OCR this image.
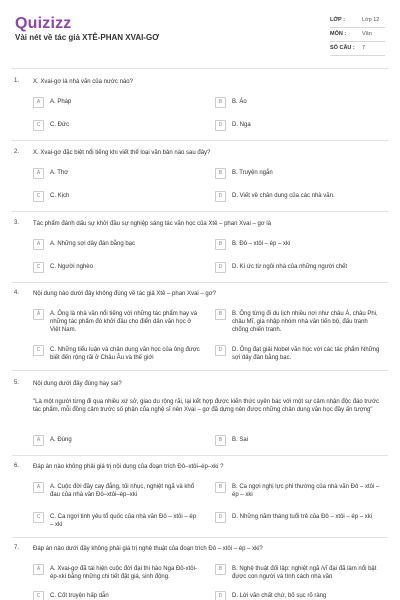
Quizizz
Vài nét về tác giả XTÊ-PHAN XVAI-GƠ
LỚP :	Lớp 12
MÔN :	Văn
SỐ CÂU : 7
1. X. Xvai-gơ là nhà văn của nước nào?
A	A. Pháp	B	B. Áo
C	C. Đức	D	D. Nga
2. X. Xvai-gơ đặc biệt nổi tiếng khi viết thể loại văn bản nào sau đây?
A	A. Thơ	B	B. Truyện ngắn
C	C. Kịch	D	D. Viết về chân dung của các nhà văn.
3. Tác phẩm đánh dấu sự khởi đầu sự nghiệp sáng tác văn học của Xtê – phan Xvai – gơ là
A	A. Những sợi dây đàn bằng bạc	B	B. Đô – xtôi – ép – xki
C	C. Người nghèo	D	D. Kí ức từ ngôi nhà của những người chết
4. Nội dung nào dưới đây không đúng về tác giả Xtê – phan Xvai – gơ?
A	A. Ông là nhà văn nổi tiếng với những tác phẩm hay và những tác phẩm đó khởi đầu cho điển dân văn học ở Việt Nam.
B	B. Ông từng đi du lịch nhiều nơi như châu Á, châu Phi, châu Mĩ, gia nhập nhóm nhà văn tiến bộ, đấu tranh chống chiến tranh.
C	C. Những tiểu luận và chân dung văn học của ông được biết đến rộng rãi ở Châu Âu và thế giới
D	D. Ông đạt giải Nobel văn học với các tác phẩm Những sợi dây đàn bằng bạc.
5. Nội dung dưới đây đúng hay sai?
"Là một người từng đi qua nhiều xứ sở, giao du rộng rãi, lại kết hợp được kiến thức uyên bác với một sự cảm nhận độc đáo trước tác phẩm, mỗi đồng cảm trước số phận của nghệ sĩ nên Xvai – gơ đã dựng nên được những chân dung văn học đầy ấn tượng"
A	A. Đúng	B	B. Sai
6. Đáp án nào không phải giá trị nội dung của đoạn trích Đô–xtôi–ép–xki ?
A	A. Cuộc đời đầy cay đắng, tủi nhục, nghiệt ngã và khổ đau của nhà văn Đô–xtôi–ép–xki
B	B. Ca ngợi nghị lực phi thường của nhà văn Đô – xtôi – ép – xki
C	C. Ca ngợi tinh yêu tổ quốc của nhà văn Đô – xtôi – ép – xki
D	D. Những năm tháng tuổi trẻ của Đô – xtôi – ép – xki
7. Đáp án nào dưới đây không phải giá trị nghệ thuật của đoạn trích Đô – xtôi – ép – xki?
A	A. Xvai-gơ đã tái hiện cuộc đời đại thi hào Nga Đô-xtôi-ép-xki bằng những chi tiết đặt giá, sinh động.
B	B. Nghệ thuật đối lập: nghiệt ngã /vĩ đại đã làm nổi bật được con người và tính cách nhà văn
C	C. Cốt truyện hấp dẫn	D	D. Lời văn chất chứ, bố sục rõ ràng
